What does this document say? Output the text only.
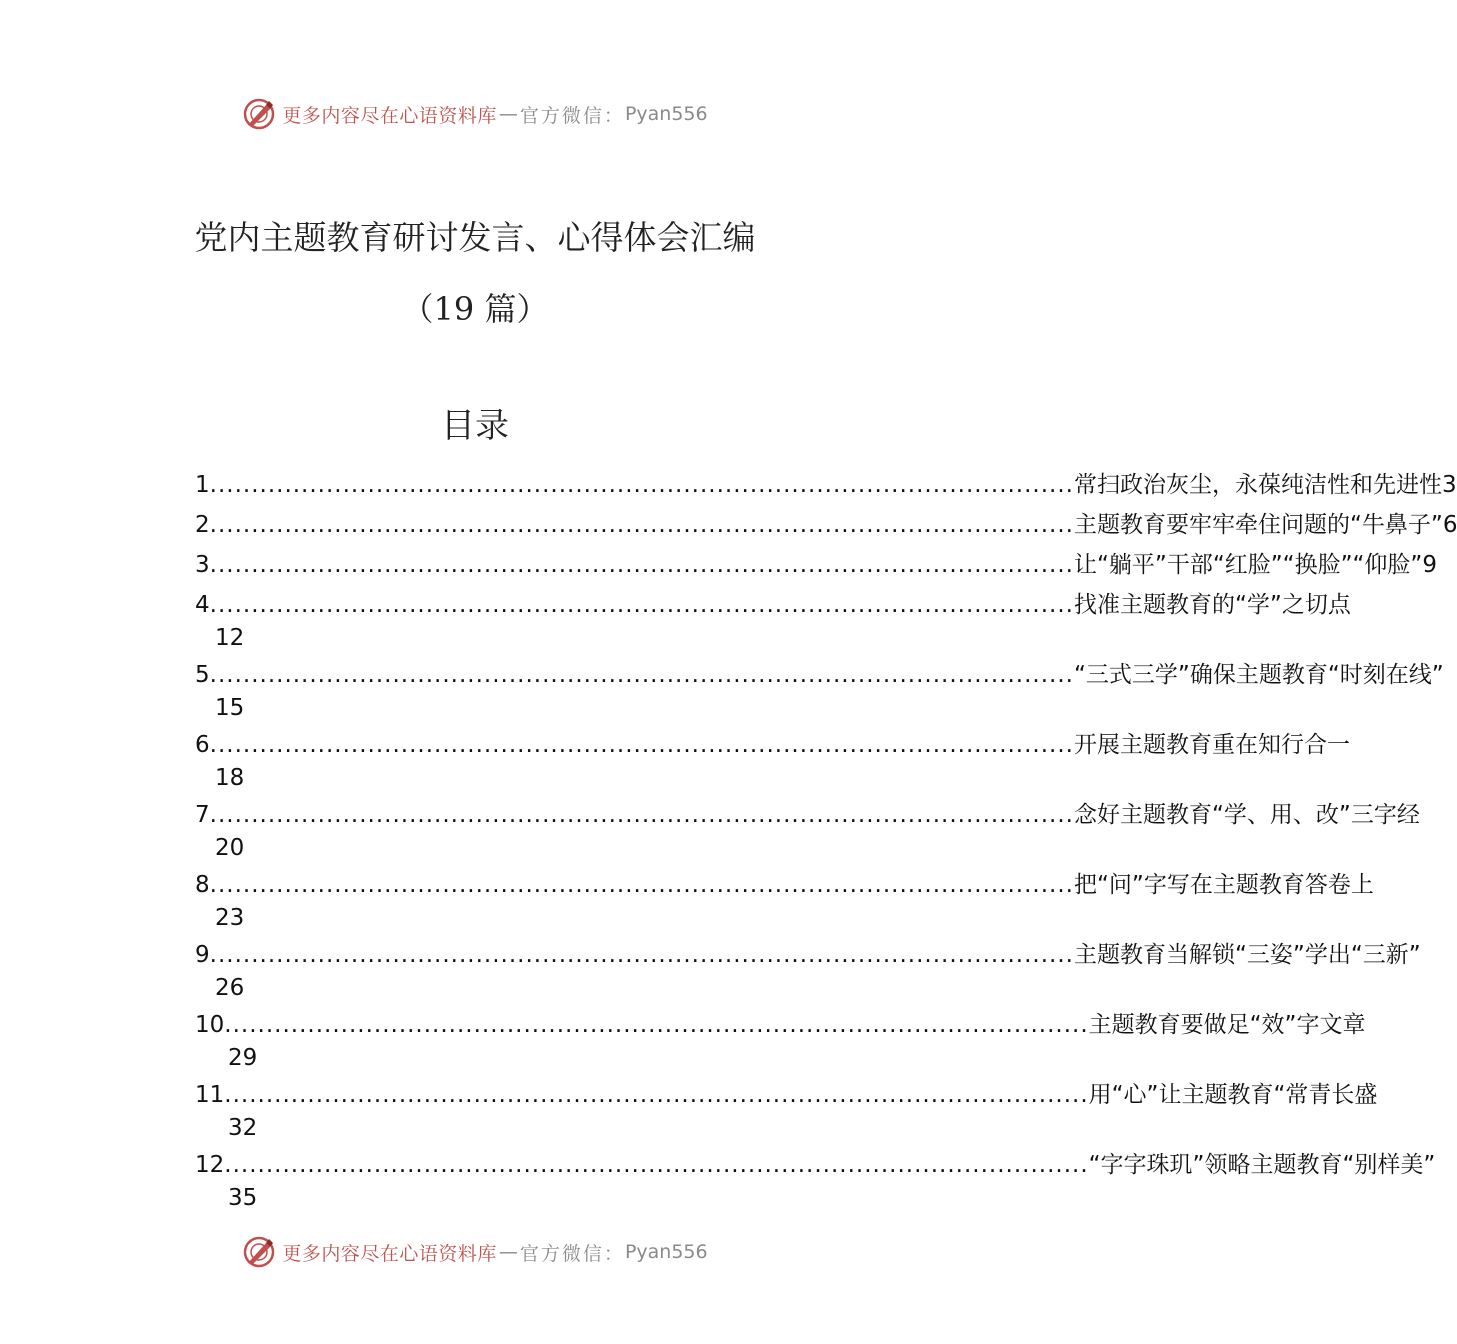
更多内容尽在心语资料库 — 官方微信： Pyan556
党内主题教育研讨发言、心得体会汇编
（19 篇）
目录
1 ........................................................................................................ 常扫政治灰尘，永葆纯洁性和先进性 3
2 ........................................................................................................ 主题教育要牢牢牵住问题的“牛鼻子” 6
3 ........................................................................................................ 让“躺平”干部“红脸”“换脸”“仰脸” 9
4 ........................................................................................................ 找准主题教育的“学”之切点
12
5 ........................................................................................................ “三式三学”确保主题教育“时刻在线”
15
6 ........................................................................................................ 开展主题教育重在知行合一
18
7 ........................................................................................................ 念好主题教育“学、用、改”三字经
20
8 ........................................................................................................ 把“问”字写在主题教育答卷上
23
9 ........................................................................................................ 主题教育当解锁“三姿”学出“三新”
26
10 ........................................................................................................ 主题教育要做足“效”字文章
29
11 ........................................................................................................ 用“心”让主题教育“常青长盛
32
12 ........................................................................................................ “字字珠玑”领略主题教育“别样美”
35
更多内容尽在心语资料库 — 官方微信： Pyan556
